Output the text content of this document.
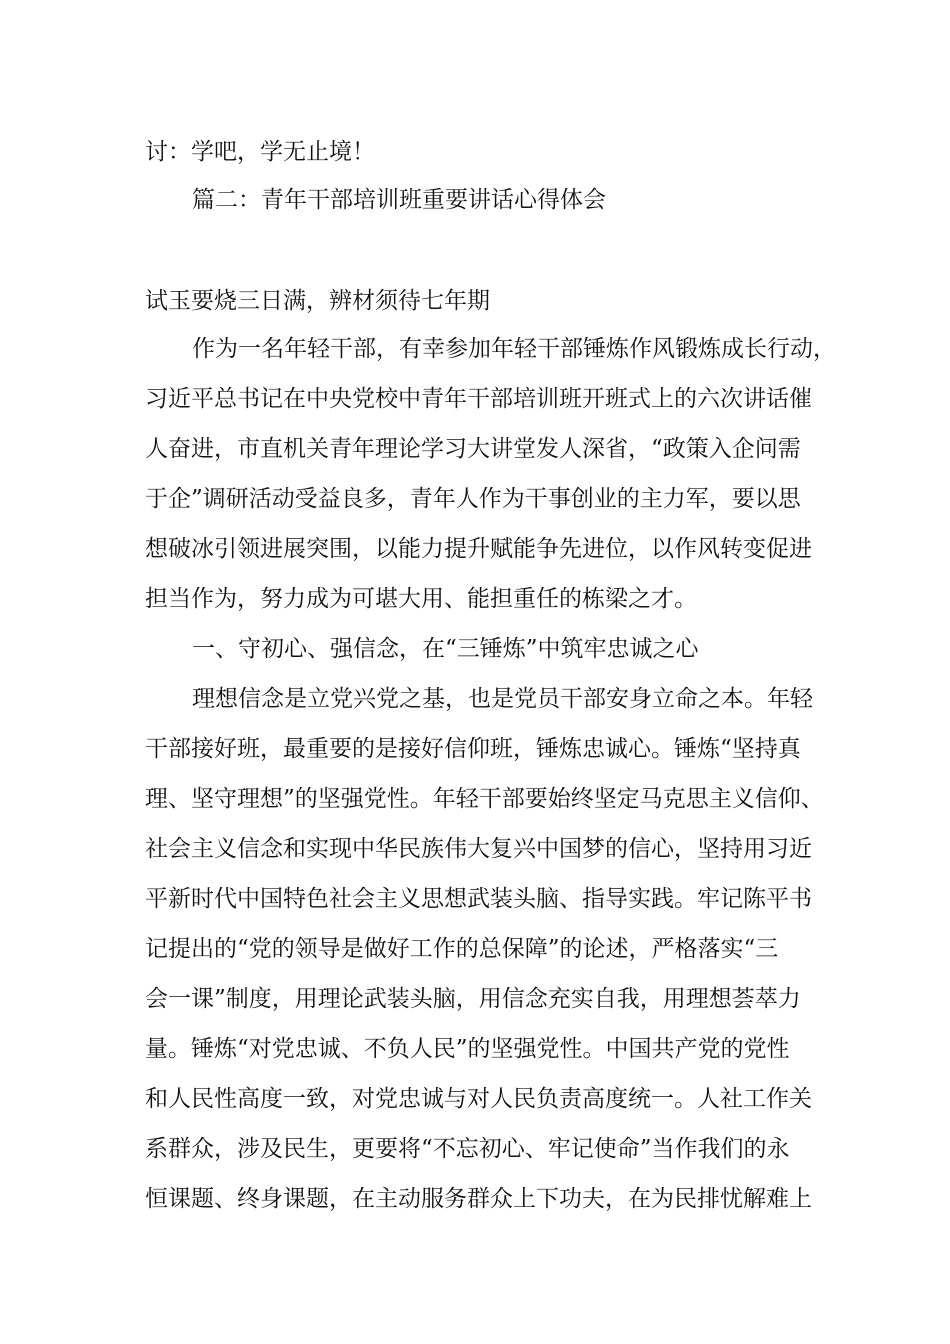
讨：学吧，学无止境！

篇二：青年干部培训班重要讲话心得体会

试玉要烧三日满，辨材须待七年期

作为一名年轻干部，有幸参加年轻干部锤炼作风锻炼成长行动，

习近平总书记在中央党校中青年干部培训班开班式上的六次讲话催

人奋进，市直机关青年理论学习大讲堂发人深省，“政策入企问需

于企”调研活动受益良多，青年人作为干事创业的主力军，要以思

想破冰引领进展突围，以能力提升赋能争先进位，以作风转变促进

担当作为，努力成为可堪大用、能担重任的栋梁之才。

一、守初心、强信念，在“三锤炼”中筑牢忠诚之心

理想信念是立党兴党之基，也是党员干部安身立命之本。年轻

干部接好班，最重要的是接好信仰班，锤炼忠诚心。锤炼“坚持真

理、坚守理想”的坚强党性。年轻干部要始终坚定马克思主义信仰、

社会主义信念和实现中华民族伟大复兴中国梦的信心，坚持用习近

平新时代中国特色社会主义思想武装头脑、指导实践。牢记陈平书

记提出的“党的领导是做好工作的总保障”的论述，严格落实“三

会一课”制度，用理论武装头脑，用信念充实自我，用理想荟萃力

量。锤炼“对党忠诚、不负人民”的坚强党性。中国共产党的党性

和人民性高度一致，对党忠诚与对人民负责高度统一。人社工作关

系群众，涉及民生，更要将“不忘初心、牢记使命”当作我们的永

恒课题、终身课题，在主动服务群众上下功夫，在为民排忧解难上
